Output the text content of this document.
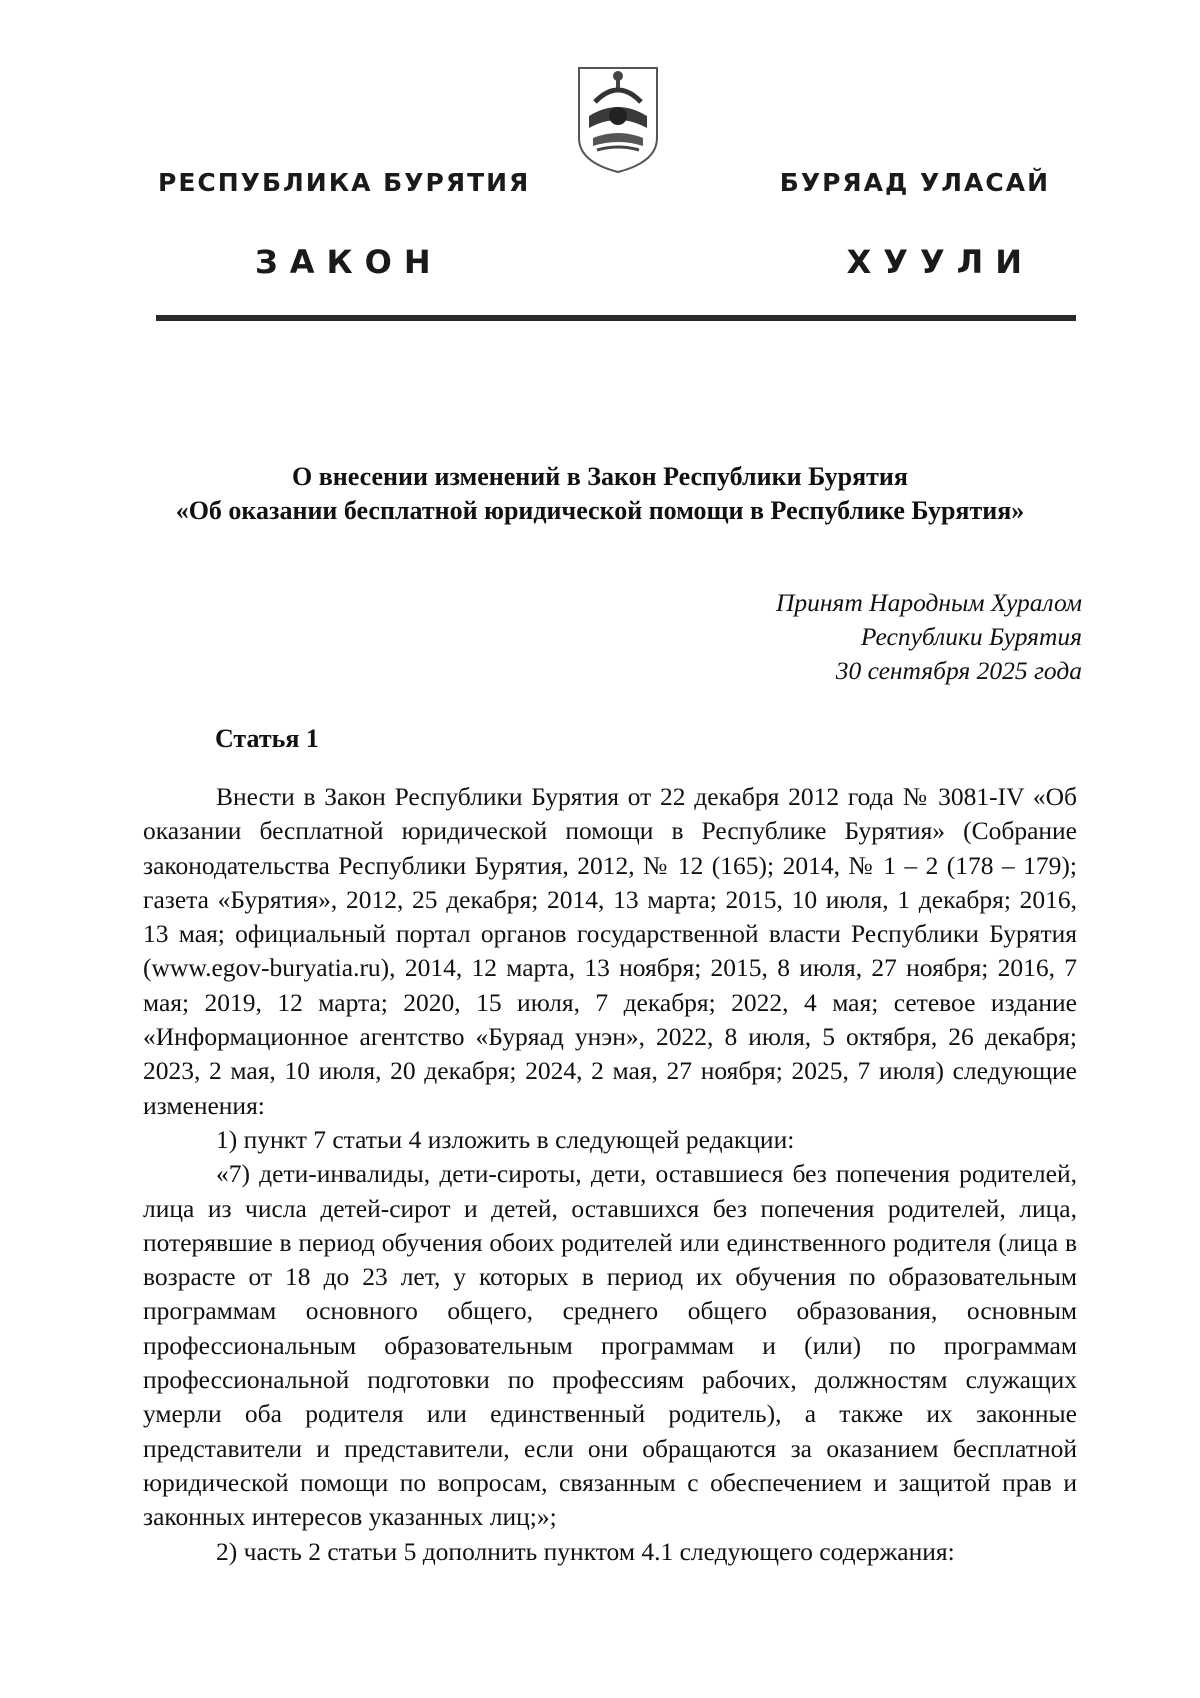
РЕСПУБЛИКА БУРЯТИЯ	БУРЯАД УЛАСАЙ
ЗАКОН	ХУУЛИ
О внесении изменений в Закон Республики Бурятия
«Об оказании бесплатной юридической помощи в Республике Бурятия»
Принят Народным Хуралом
Республики Бурятия
30 сентября 2025 года
Статья 1

Внести в Закон Республики Бурятия от 22 декабря 2012 года № 3081-IV «Об оказании бесплатной юридической помощи в Республике Бурятия» (Собрание законодательства Республики Бурятия, 2012, № 12 (165); 2014, № 1 – 2 (178 – 179); газета «Бурятия», 2012, 25 декабря; 2014, 13 марта; 2015, 10 июля, 1 декабря; 2016, 13 мая; официальный портал органов государственной власти Республики Бурятия (www.egov-buryatia.ru), 2014, 12 марта, 13 ноября; 2015, 8 июля, 27 ноября; 2016, 7 мая; 2019, 12 марта; 2020, 15 июля, 7 декабря; 2022, 4 мая; сетевое издание «Информационное агентство «Буряад унэн», 2022, 8 июля, 5 октября, 26 декабря; 2023, 2 мая, 10 июля, 20 декабря; 2024, 2 мая, 27 ноября; 2025, 7 июля) следующие изменения:

1) пункт 7 статьи 4 изложить в следующей редакции:

«7) дети-инвалиды, дети-сироты, дети, оставшиеся без попечения родителей, лица из числа детей-сирот и детей, оставшихся без попечения родителей, лица, потерявшие в период обучения обоих родителей или единственного родителя (лица в возрасте от 18 до 23 лет, у которых в период их обучения по образовательным программам основного общего, среднего общего образования, основным профессиональным образовательным программам и (или) по программам профессиональной подготовки по профессиям рабочих, должностям служащих умерли оба родителя или единственный родитель), а также их законные представители и представители, если они обращаются за оказанием бесплатной юридической помощи по вопросам, связанным с обеспечением и защитой прав и законных интересов указанных лиц;»;

2) часть 2 статьи 5 дополнить пунктом 4.1 следующего содержания:
